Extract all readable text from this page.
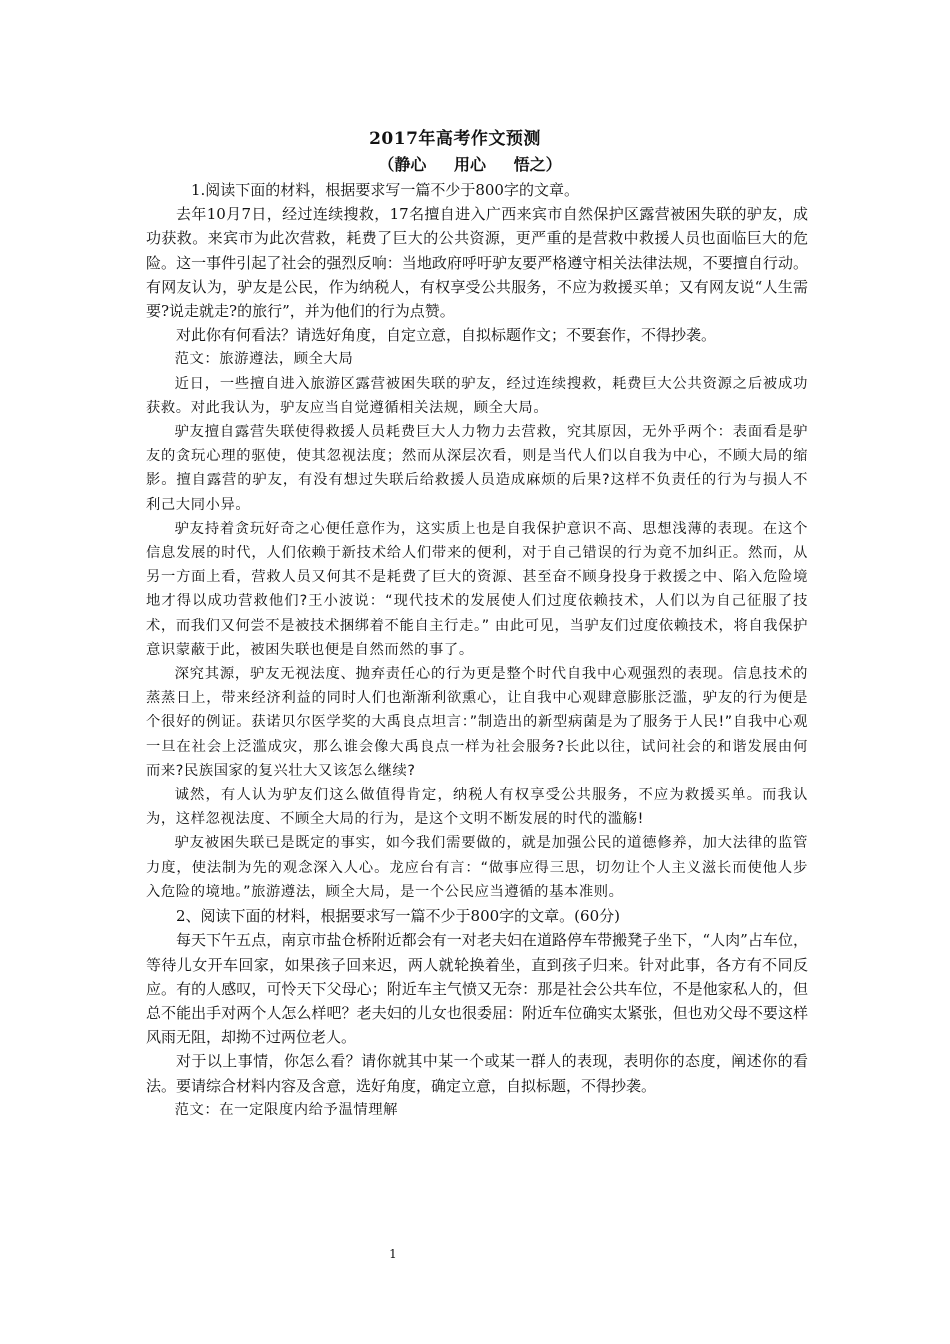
2017年高考作文预测
（静心 用心 悟之）

1.阅读下面的材料，根据要求写一篇不少于800字的文章。

去年10月7日，经过连续搜救，17名擅自进入广西来宾市自然保护区露营被困失联的驴友，成功获救。来宾市为此次营救，耗费了巨大的公共资源，更严重的是营救中救援人员也面临巨大的危险。这一事件引起了社会的强烈反响：当地政府呼吁驴友要严格遵守相关法律法规，不要擅自行动。有网友认为，驴友是公民，作为纳税人，有权享受公共服务，不应为救援买单；又有网友说“人生需要?说走就走?的旅行”，并为他们的行为点赞。

对此你有何看法？请选好角度，自定立意，自拟标题作文；不要套作，不得抄袭。

范文：旅游遵法，顾全大局

近日，一些擅自进入旅游区露营被困失联的驴友，经过连续搜救，耗费巨大公共资源之后被成功获救。对此我认为，驴友应当自觉遵循相关法规，顾全大局。

驴友擅自露营失联使得救援人员耗费巨大人力物力去营救，究其原因，无外乎两个：表面看是驴友的贪玩心理的驱使，使其忽视法度；然而从深层次看，则是当代人们以自我为中心，不顾大局的缩影。擅自露营的驴友，有没有想过失联后给救援人员造成麻烦的后果?这样不负责任的行为与损人不利己大同小异。

驴友持着贪玩好奇之心便任意作为，这实质上也是自我保护意识不高、思想浅薄的表现。在这个信息发展的时代，人们依赖于新技术给人们带来的便利，对于自己错误的行为竟不加纠正。然而，从另一方面上看，营救人员又何其不是耗费了巨大的资源、甚至奋不顾身投身于救援之中、陷入危险境地才得以成功营救他们?王小波说：“现代技术的发展使人们过度依赖技术，人们以为自己征服了技术，而我们又何尝不是被技术捆绑着不能自主行走。” 由此可见，当驴友们过度依赖技术，将自我保护意识蒙蔽于此，被困失联也便是自然而然的事了。

深究其源，驴友无视法度、抛弃责任心的行为更是整个时代自我中心观强烈的表现。信息技术的蒸蒸日上，带来经济利益的同时人们也渐渐利欲熏心，让自我中心观肆意膨胀泛滥，驴友的行为便是个很好的例证。获诺贝尔医学奖的大禹良点坦言：”制造出的新型病菌是为了服务于人民!”自我中心观一旦在社会上泛滥成灾，那么谁会像大禹良点一样为社会服务?长此以往，试问社会的和谐发展由何而来?民族国家的复兴壮大又该怎么继续?

诚然，有人认为驴友们这么做值得肯定，纳税人有权享受公共服务，不应为救援买单。而我认为，这样忽视法度、不顾全大局的行为，是这个文明不断发展的时代的滥觞!

驴友被困失联已是既定的事实，如今我们需要做的，就是加强公民的道德修养，加大法律的监管力度，使法制为先的观念深入人心。龙应台有言：“做事应得三思，切勿让个人主义滋长而使他人步入危险的境地。”旅游遵法，顾全大局，是一个公民应当遵循的基本准则。

2、阅读下面的材料，根据要求写一篇不少于800字的文章。(60分)

每天下午五点，南京市盐仓桥附近都会有一对老夫妇在道路停车带搬凳子坐下，“人肉”占车位，等待儿女开车回家，如果孩子回来迟，两人就轮换着坐，直到孩子归来。针对此事，各方有不同反应。有的人感叹，可怜天下父母心；附近车主气愤又无奈：那是社会公共车位，不是他家私人的，但总不能出手对两个人怎么样吧？老夫妇的儿女也很委屈：附近车位确实太紧张，但也劝父母不要这样风雨无阻，却拗不过两位老人。

对于以上事情，你怎么看？请你就其中某一个或某一群人的表现，表明你的态度，阐述你的看法。要请综合材料内容及含意，选好角度，确定立意，自拟标题，不得抄袭。

范文：在一定限度内给予温情理解

1
